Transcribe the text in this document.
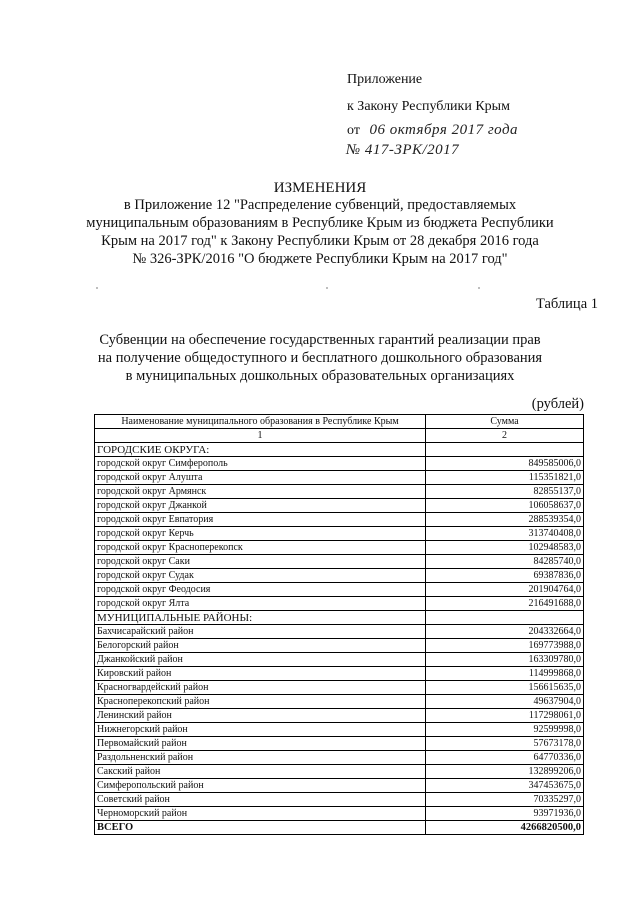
Приложение
к Закону Республики Крым
от 06 октября 2017 года
№ 417-ЗРК/2017
ИЗМЕНЕНИЯ
в Приложение 12 "Распределение субвенций, предоставляемых
муниципальным образованиям в Республике Крым из бюджета Республики
Крым на 2017 год" к Закону Республики Крым от 28 декабря 2016 года
№ 326-ЗРК/2016 "О бюджете Республики Крым на 2017 год"
Таблица 1
Субвенции на обеспечение государственных гарантий реализации прав
на получение общедоступного и бесплатного дошкольного образования
в муниципальных дошкольных образовательных организациях
(рублей)
Наименование муниципального образования в Республике Крым	Сумма
1	2
ГОРОДСКИЕ ОКРУГА:	
городской округ Симферополь	849585006,0
городской округ Алушта	115351821,0
городской округ Армянск	82855137,0
городской округ Джанкой	106058637,0
городской округ Евпатория	288539354,0
городской округ Керчь	313740408,0
городской округ Красноперекопск	102948583,0
городской округ Саки	84285740,0
городской округ Судак	69387836,0
городской округ Феодосия	201904764,0
городской округ Ялта	216491688,0
МУНИЦИПАЛЬНЫЕ РАЙОНЫ:	
Бахчисарайский район	204332664,0
Белогорский район	169773988,0
Джанкойский район	163309780,0
Кировский район	114999868,0
Красногвардейский район	156615635,0
Красноперекопский район	49637904,0
Ленинский район	117298061,0
Нижнегорский район	92599998,0
Первомайский район	57673178,0
Раздольненский район	64770336,0
Сакский район	132899206,0
Симферопольский район	347453675,0
Советский район	70335297,0
Черноморский район	93971936,0
ВСЕГО	4266820500,0
